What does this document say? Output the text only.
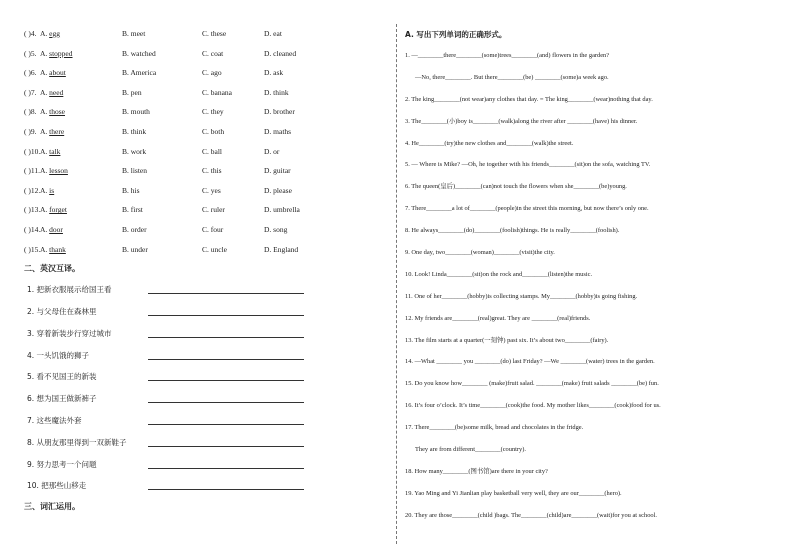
( )4. A. egg	B. meet	C. these	D. eat
( )5. A. stopped	B. watched	C. coat	D. cleaned
( )6. A. about	B. America	C. ago	D. ask
( )7. A. need	B. pen	C. banana	D. think
( )8. A. those	B. mouth	C. they	D. brother
( )9. A. there	B. think	C. both	D. maths
( )10. A. talk	B. work	C. ball	D. or
( )11. A. lesson	B. listen	C. this	D. guitar
( )12. A. is	B. his	C. yes	D. please
( )13. A. forget	B. first	C. ruler	D. umbrella
( )14. A. door	B. order	C. four	D. song
( )15. A. thank	B. under	C. uncle	D. England
二、英汉互译。
1. 把新衣服展示给国王看
2. 与父母住在森林里
3. 穿着新装步行穿过城市
4. 一头饥饿的狮子
5. 看不见国王的新装
6. 想为国王做新裤子
7. 这些魔法外套
8. 从朋友那里得到一双新鞋子
9. 努力思考一个问题
10. 把那些山移走
三、词汇运用。
A. 写出下列单词的正确形式。
1. —________there________(some)trees________(and) flowers in the garden?
—No, there________. But there________(be) ________(some)a week ago.
2. The king________(not wear)any clothes that day. = The king________(wear)nothing that day.
3. The________(小)boy is________(walk)along the river after ________(have) his dinner.
4. He________(try)the new clothes and________(walk)the street.
5. — Where is Mike? —Oh, he together with his friends________(sit)on the sofa, watching TV.
6. The queen(皇后)________(can)not touch the flowers when she________(be)young.
7. There________a lot of________(people)in the street this morning, but now there’s only one.
8. He always________(do)________(foolish)things. He is really________(foolish).
9. One day, two________(woman)________(visit)the city.
10. Look! Linda________(sit)on the rock and________(listen)the music.
11. One of her________(hobby)is collecting stamps. My________(hobby)is going fishing.
12. My friends are________(real)great. They are ________(real)friends.
13. The film starts at a quarter(一刻钟) past six. It’s about two________(fairy).
14. —What ________ you ________(do) last Friday? —We ________(water) trees in the garden.
15. Do you know how________ (make)fruit salad. ________(make) fruit salads ________(be) fun.
16. It’s four o’clock. It’s time________(cook)the food. My mother likes________(cook)food for us.
17. There________(be)some milk, bread and chocolates in the fridge.
They are from different________(country).
18. How many________(图书馆)are there in your city?
19. Yao Ming and Yi Jianlian play basketball very well, they are our________(hero).
20. They are those________(child )bags. The________(child)are________(wait)for you at school.
